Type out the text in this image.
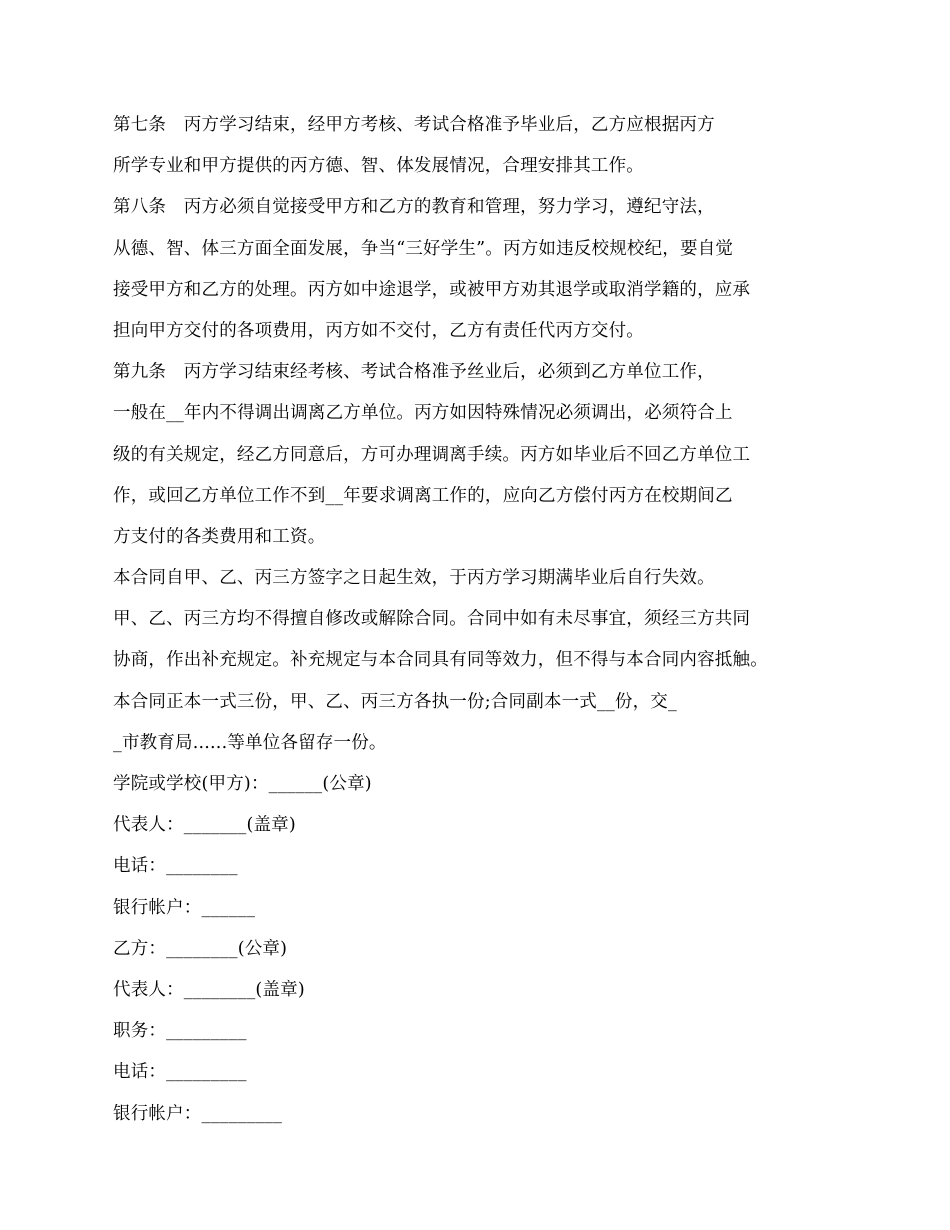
第七条　丙方学习结束，经甲方考核、考试合格准予毕业后，乙方应根据丙方
所学专业和甲方提供的丙方德、智、体发展情况，合理安排其工作。
第八条　丙方必须自觉接受甲方和乙方的教育和管理，努力学习，遵纪守法，
从德、智、体三方面全面发展，争当“三好学生”。丙方如违反校规校纪，要自觉
接受甲方和乙方的处理。丙方如中途退学，或被甲方劝其退学或取消学籍的，应承
担向甲方交付的各项费用，丙方如不交付，乙方有责任代丙方交付。
第九条　丙方学习结束经考核、考试合格准予丝业后，必须到乙方单位工作，
一般在__年内不得调出调离乙方单位。丙方如因特殊情况必须调出，必须符合上
级的有关规定，经乙方同意后，方可办理调离手续。丙方如毕业后不回乙方单位工
作，或回乙方单位工作不到__年要求调离工作的，应向乙方偿付丙方在校期间乙
方支付的各类费用和工资。
本合同自甲、乙、丙三方签字之日起生效，于丙方学习期满毕业后自行失效。
甲、乙、丙三方均不得擅自修改或解除合同。合同中如有未尽事宜，须经三方共同
协商，作出补充规定。补充规定与本合同具有同等效力，但不得与本合同内容抵触。
本合同正本一式三份，甲、乙、丙三方各执一份;合同副本一式__份，交_
_市教育局......等单位各留存一份。
学院或学校(甲方)：______(公章)
代表人：_______(盖章)
电话：________
银行帐户：______
乙方：________(公章)
代表人：________(盖章)
职务：_________
电话：_________
银行帐户：_________
